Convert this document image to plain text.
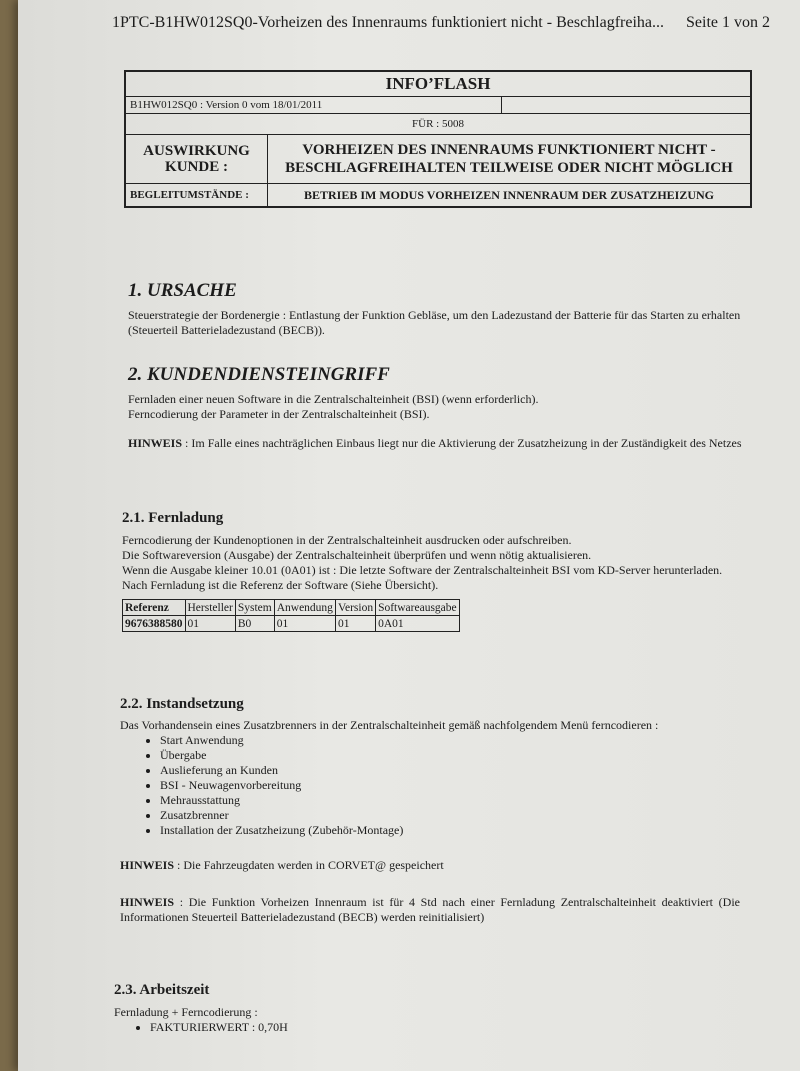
1PTC-B1HW012SQ0-Vorheizen des Innenraums funktioniert nicht - Beschlagfreiha... Seite 1 von 2
INFO’FLASH		
B1HW012SQ0 : Version 0 vom 18/01/2011		
FÜR : 5008		
AUSWIRKUNG KUNDE :	VORHEIZEN DES INNENRAUMS FUNKTIONIERT NICHT - BESCHLAGFREIHALTEN TEILWEISE ODER NICHT MÖGLICH	
BEGLEITUMSTÄNDE :	BETRIEB IM MODUS VORHEIZEN INNENRAUM DER ZUSATZHEIZUNG	
1. URSACHE

Steuerstrategie der Bordenergie : Entlastung der Funktion Gebläse, um den Ladezustand der Batterie für das Starten zu erhalten (Steuerteil Batterieladezustand (BECB)).

2. KUNDENDIENSTEINGRIFF

Fernladen einer neuen Software in die Zentralschalteinheit (BSI) (wenn erforderlich).

Ferncodierung der Parameter in der Zentralschalteinheit (BSI).

HINWEIS : Im Falle eines nachträglichen Einbaus liegt nur die Aktivierung der Zusatzheizung in der Zuständigkeit des Netzes

2.1. Fernladung

Ferncodierung der Kundenoptionen in der Zentralschalteinheit ausdrucken oder aufschreiben.

Die Softwareversion (Ausgabe) der Zentralschalteinheit überprüfen und wenn nötig aktualisieren.

Wenn die Ausgabe kleiner 10.01 (0A01) ist : Die letzte Software der Zentralschalteinheit BSI vom KD-Server herunterladen.

Nach Fernladung ist die Referenz der Software (Siehe Übersicht).

Referenz	Hersteller	System	Anwendung	Version	Softwareausgabe
9676388580	01	B0	01	01	0A01
2.2. Instandsetzung

Das Vorhandensein eines Zusatzbrenners in der Zentralschalteinheit gemäß nachfolgendem Menü ferncodieren :

• Start Anwendung
• Übergabe
• Auslieferung an Kunden
• BSI - Neuwagenvorbereitung
• Mehrausstattung
• Zusatzbrenner
• Installation der Zusatzheizung (Zubehör-Montage)

HINWEIS : Die Fahrzeugdaten werden in CORVET@ gespeichert

HINWEIS : Die Funktion Vorheizen Innenraum ist für 4 Std nach einer Fernladung Zentralschalteinheit deaktiviert (Die Informationen Steuerteil Batterieladezustand (BECB) werden reinitialisiert)

2.3. Arbeitszeit

Fernladung + Ferncodierung :

• FAKTURIERWERT : 0,70H
